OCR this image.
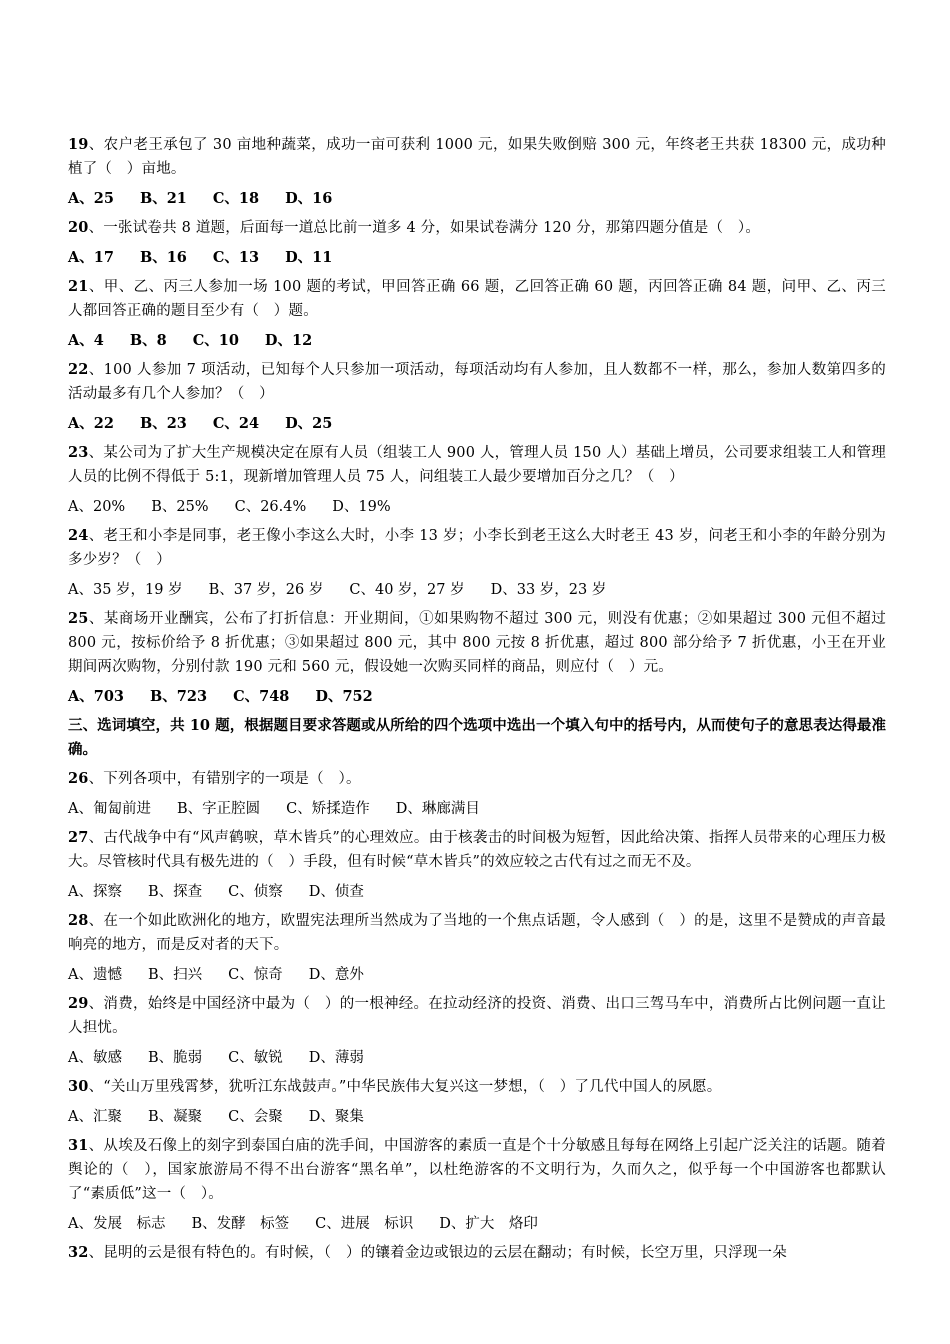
19、农户老王承包了 30 亩地种蔬菜，成功一亩可获利 1000 元，如果失败倒赔 300 元，年终老王共获 18300 元，成功种植了（　）亩地。

A、25 B、21 C、18 D、16

20、一张试卷共 8 道题，后面每一道总比前一道多 4 分，如果试卷满分 120 分，那第四题分值是（　）。

A、17 B、16 C、13 D、11

21、甲、乙、丙三人参加一场 100 题的考试，甲回答正确 66 题，乙回答正确 60 题，丙回答正确 84 题，问甲、乙、丙三人都回答正确的题目至少有（　）题。

A、4 B、8 C、10 D、12

22、100 人参加 7 项活动，已知每个人只参加一项活动，每项活动均有人参加，且人数都不一样，那么，参加人数第四多的活动最多有几个人参加？（　）

A、22 B、23 C、24 D、25

23、某公司为了扩大生产规模决定在原有人员（组装工人 900 人，管理人员 150 人）基础上增员，公司要求组装工人和管理人员的比例不得低于 5:1，现新增加管理人员 75 人，问组装工人最少要增加百分之几？（　）

A、20% B、25% C、26.4% D、19%

24、老王和小李是同事，老王像小李这么大时，小李 13 岁；小李长到老王这么大时老王 43 岁，问老王和小李的年龄分别为多少岁？（　）

A、35 岁，19 岁 B、37 岁，26 岁 C、40 岁，27 岁 D、33 岁，23 岁

25、某商场开业酬宾，公布了打折信息：开业期间，①如果购物不超过 300 元，则没有优惠；②如果超过 300 元但不超过 800 元，按标价给予 8 折优惠；③如果超过 800 元，其中 800 元按 8 折优惠，超过 800 部分给予 7 折优惠，小王在开业期间两次购物，分别付款 190 元和 560 元，假设她一次购买同样的商品，则应付（　）元。

A、703 B、723 C、748 D、752

三、选词填空，共 10 题，根据题目要求答题或从所给的四个选项中选出一个填入句中的括号内，从而使句子的意思表达得最准确。

26、下列各项中，有错别字的一项是（　）。

A、匍匐前进 B、字正腔圆 C、矫揉造作 D、琳廊满目

27、古代战争中有“风声鹤唳，草木皆兵”的心理效应。由于核袭击的时间极为短暂，因此给决策、指挥人员带来的心理压力极大。尽管核时代具有极先进的（　）手段，但有时候“草木皆兵”的效应较之古代有过之而无不及。

A、探察 B、探查 C、侦察 D、侦查

28、在一个如此欧洲化的地方，欧盟宪法理所当然成为了当地的一个焦点话题，令人感到（　）的是，这里不是赞成的声音最响亮的地方，而是反对者的天下。

A、遗憾 B、扫兴 C、惊奇 D、意外

29、消费，始终是中国经济中最为（　）的一根神经。在拉动经济的投资、消费、出口三驾马车中，消费所占比例问题一直让人担忧。

A、敏感 B、脆弱 C、敏锐 D、薄弱

30、“关山万里残霄梦，犹听江东战鼓声。”中华民族伟大复兴这一梦想，（　）了几代中国人的夙愿。

A、汇聚 B、凝聚 C、会聚 D、聚集

31、从埃及石像上的刻字到泰国白庙的洗手间，中国游客的素质一直是个十分敏感且每每在网络上引起广泛关注的话题。随着舆论的（　），国家旅游局不得不出台游客“黑名单”，以杜绝游客的不文明行为，久而久之，似乎每一个中国游客也都默认了“素质低”这一（　）。

A、发展　标志 B、发酵　标签 C、进展　标识 D、扩大　烙印

32、昆明的云是很有特色的。有时候，（　）的镶着金边或银边的云层在翻动；有时候，长空万里，只浮现一朵
